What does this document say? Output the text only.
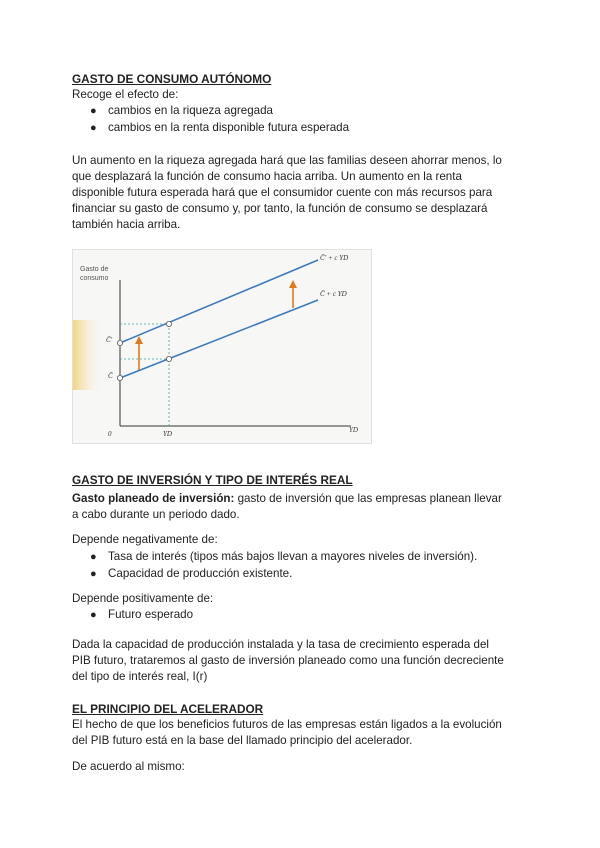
GASTO DE CONSUMO AUTÓNOMO
Recoge el efecto de:
● cambios en la riqueza agregada
● cambios en la renta disponible futura esperada
Un aumento en la riqueza agregada hará que las familias deseen ahorrar menos, lo
que desplazará la función de consumo hacia arriba. Un aumento en la renta
disponible futura esperada hará que el consumidor cuente con más recursos para
financiar su gasto de consumo y, por tanto, la función de consumo se desplazará
también hacia arriba.
Gasto de
consumo
C̄' + c YD
C̄ + c YD
C̄'
C̄
0	YD	YD
GASTO DE INVERSIÓN Y TIPO DE INTERÉS REAL
Gasto planeado de inversión: gasto de inversión que las empresas planean llevar
a cabo durante un periodo dado.
Depende negativamente de:
● Tasa de interés (tipos más bajos llevan a mayores niveles de inversión).
● Capacidad de producción existente.
Depende positivamente de:
● Futuro esperado
Dada la capacidad de producción instalada y la tasa de crecimiento esperada del
PIB futuro, trataremos al gasto de inversión planeado como una función decreciente
del tipo de interés real, I(r)
EL PRINCIPIO DEL ACELERADOR
El hecho de que los beneficios futuros de las empresas están ligados a la evolución
del PIB futuro está en la base del llamado principio del acelerador.
De acuerdo al mismo:
